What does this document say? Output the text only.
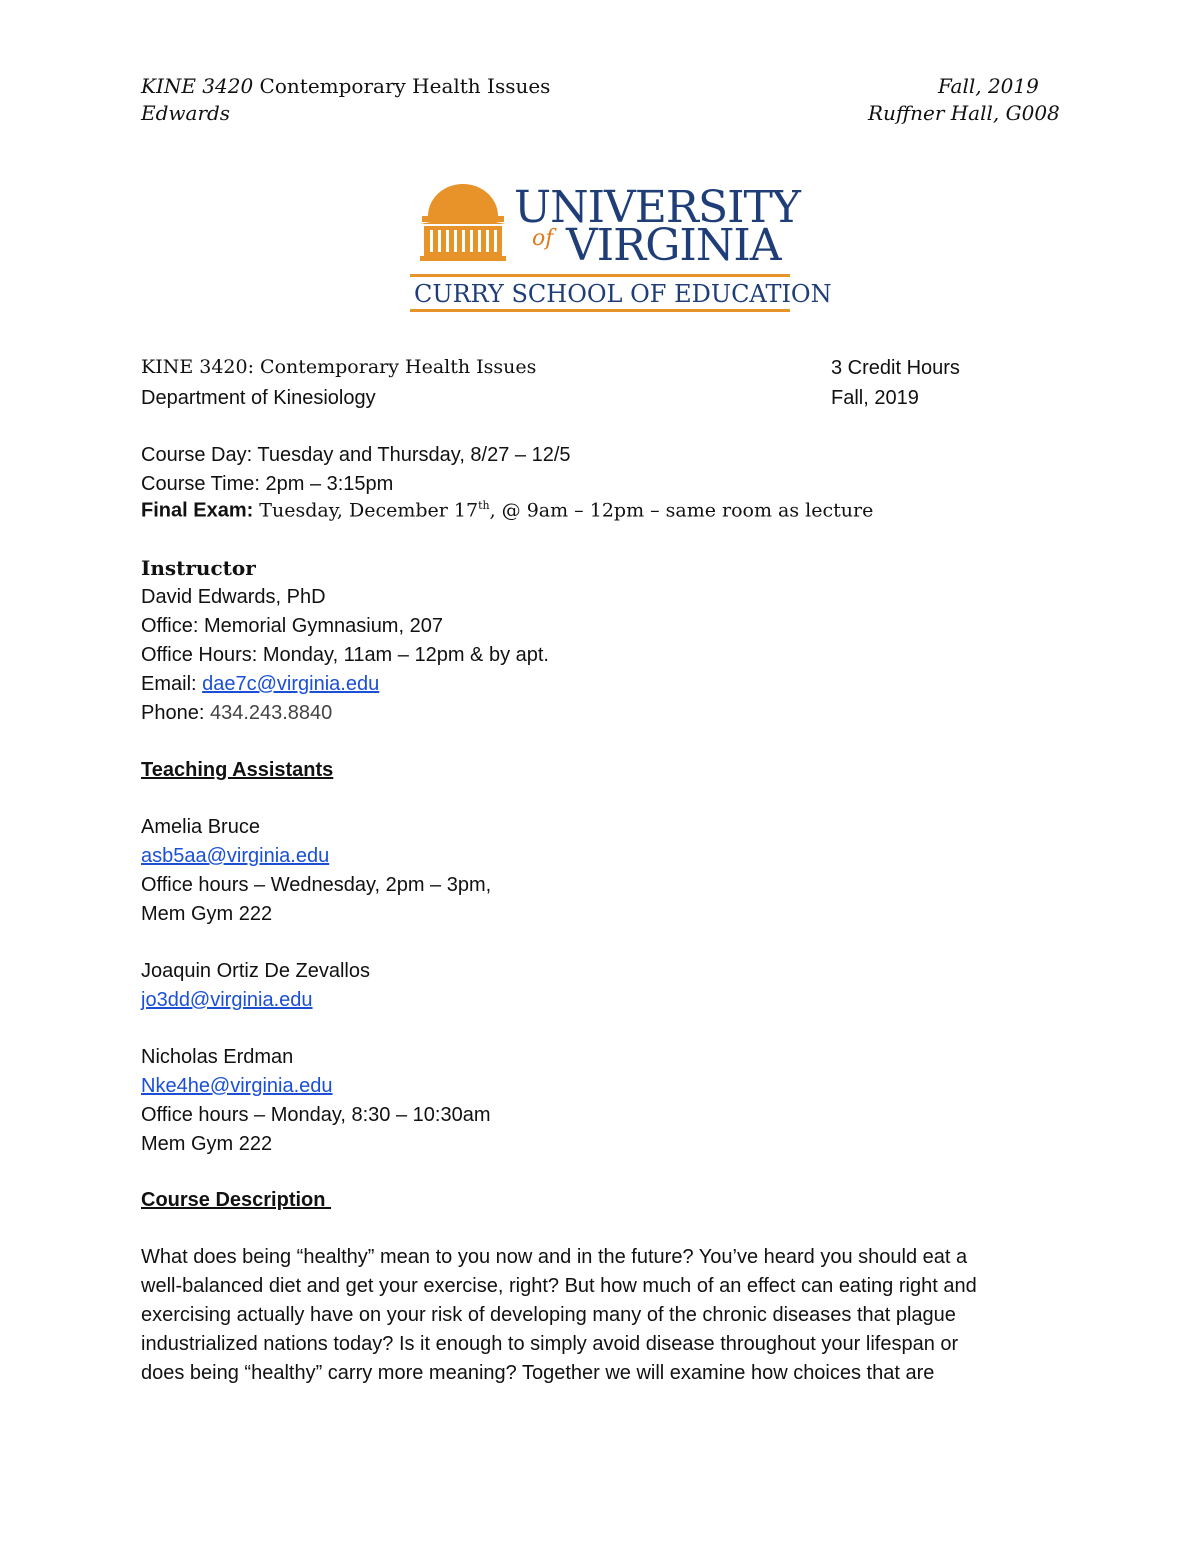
KINE 3420 Contemporary Health Issues	Fall, 2019
Edwards	Ruffner Hall, G008
UNIVERSITY
of VIRGINIA
CURRY SCHOOL OF EDUCATION
KINE 3420: Contemporary Health Issues	3 Credit Hours
Department of Kinesiology	Fall, 2019
Course Day: Tuesday and Thursday, 8/27 – 12/5
Course Time: 2pm – 3:15pm
Final Exam: Tuesday, December 17th, @ 9am – 12pm – same room as lecture
Instructor
David Edwards, PhD
Office: Memorial Gymnasium, 207
Office Hours: Monday, 11am – 12pm & by apt.
Email: dae7c@virginia.edu
Phone: 434.243.8840
Teaching Assistants
Amelia Bruce
asb5aa@virginia.edu
Office hours – Wednesday, 2pm – 3pm,
Mem Gym 222
Joaquin Ortiz De Zevallos
jo3dd@virginia.edu
Nicholas Erdman
Nke4he@virginia.edu
Office hours – Monday, 8:30 – 10:30am
Mem Gym 222
Course Description
What does being “healthy” mean to you now and in the future? You’ve heard you should eat a
well-balanced diet and get your exercise, right? But how much of an effect can eating right and
exercising actually have on your risk of developing many of the chronic diseases that plague
industrialized nations today? Is it enough to simply avoid disease throughout your lifespan or
does being “healthy” carry more meaning? Together we will examine how choices that are
